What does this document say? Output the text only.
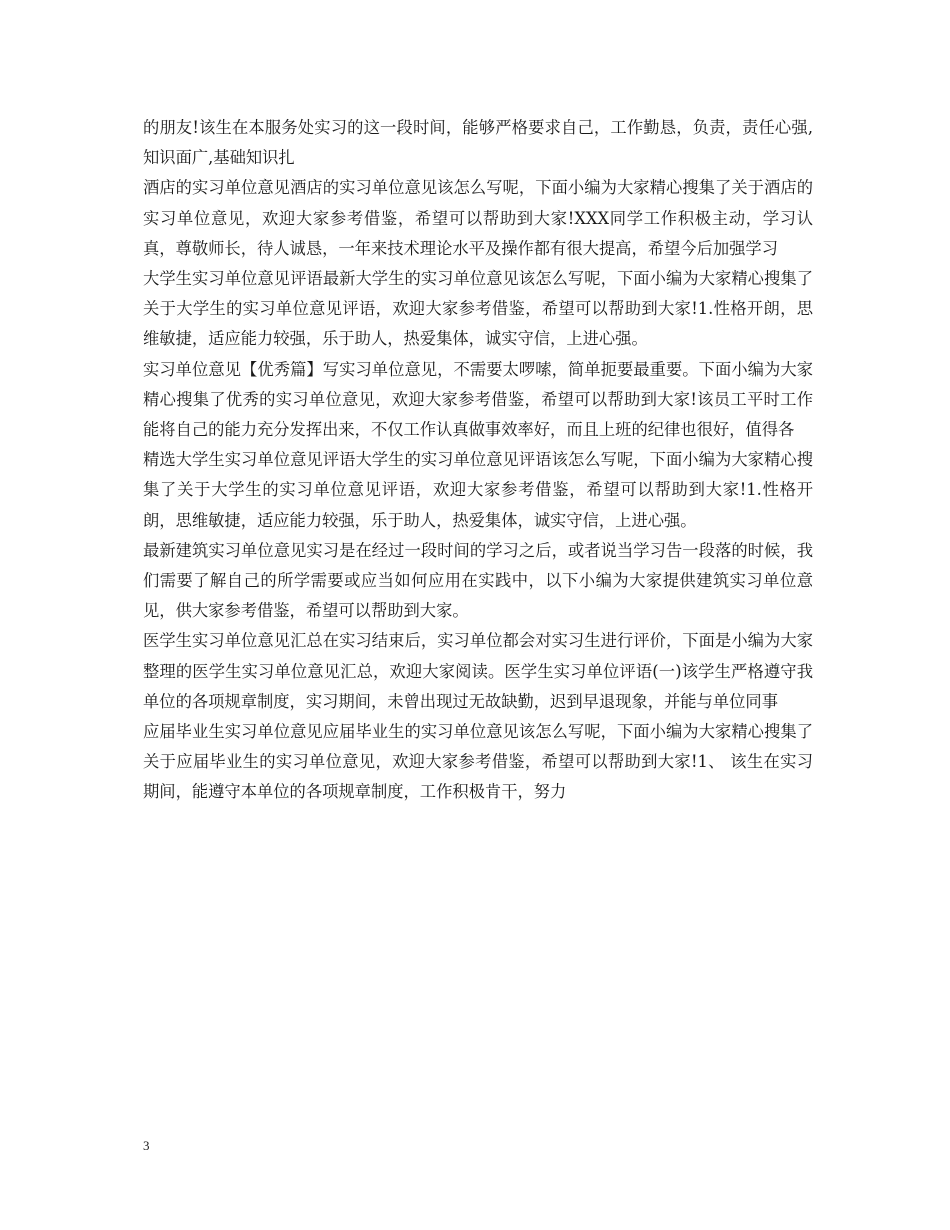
的朋友!该生在本服务处实习的这一段时间，能够严格要求自己，工作勤恳，负责，责任心强,知识面广,基础知识扎

酒店的实习单位意见酒店的实习单位意见该怎么写呢，下面小编为大家精心搜集了关于酒店的实习单位意见，欢迎大家参考借鉴，希望可以帮助到大家!XXX同学工作积极主动，学习认真，尊敬师长，待人诚恳，一年来技术理论水平及操作都有很大提高，希望今后加强学习

大学生实习单位意见评语最新大学生的实习单位意见该怎么写呢，下面小编为大家精心搜集了关于大学生的实习单位意见评语，欢迎大家参考借鉴，希望可以帮助到大家!1.性格开朗，思维敏捷，适应能力较强，乐于助人，热爱集体，诚实守信，上进心强。

实习单位意见【优秀篇】写实习单位意见，不需要太啰嗦，简单扼要最重要。下面小编为大家精心搜集了优秀的实习单位意见，欢迎大家参考借鉴，希望可以帮助到大家!该员工平时工作能将自己的能力充分发挥出来，不仅工作认真做事效率好，而且上班的纪律也很好，值得各

精选大学生实习单位意见评语大学生的实习单位意见评语该怎么写呢，下面小编为大家精心搜集了关于大学生的实习单位意见评语，欢迎大家参考借鉴，希望可以帮助到大家!1.性格开朗，思维敏捷，适应能力较强，乐于助人，热爱集体，诚实守信，上进心强。

最新建筑实习单位意见实习是在经过一段时间的学习之后，或者说当学习告一段落的时候，我们需要了解自己的所学需要或应当如何应用在实践中，以下小编为大家提供建筑实习单位意见，供大家参考借鉴，希望可以帮助到大家。

医学生实习单位意见汇总在实习结束后，实习单位都会对实习生进行评价，下面是小编为大家整理的医学生实习单位意见汇总，欢迎大家阅读。医学生实习单位评语(一)该学生严格遵守我单位的各项规章制度，实习期间，未曾出现过无故缺勤，迟到早退现象，并能与单位同事

应届毕业生实习单位意见应届毕业生的实习单位意见该怎么写呢，下面小编为大家精心搜集了关于应届毕业生的实习单位意见，欢迎大家参考借鉴，希望可以帮助到大家!1、 该生在实习期间，能遵守本单位的各项规章制度，工作积极肯干，努力

3
